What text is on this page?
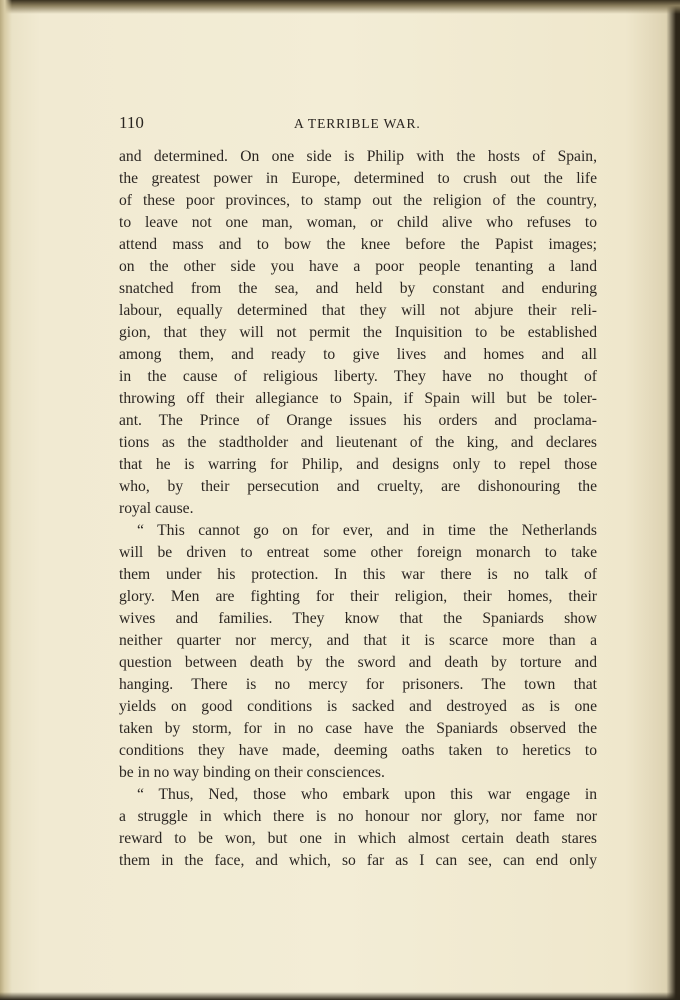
110	A TERRIBLE WAR.
and determined. On one side is Philip with the hosts of Spain,
the greatest power in Europe, determined to crush out the life
of these poor provinces, to stamp out the religion of the country,
to leave not one man, woman, or child alive who refuses to
attend mass and to bow the knee before the Papist images;
on the other side you have a poor people tenanting a land
snatched from the sea, and held by constant and enduring
labour, equally determined that they will not abjure their reli-
gion, that they will not permit the Inquisition to be established
among them, and ready to give lives and homes and all
in the cause of religious liberty. They have no thought of
throwing off their allegiance to Spain, if Spain will but be toler-
ant. The Prince of Orange issues his orders and proclama-
tions as the stadtholder and lieutenant of the king, and declares
that he is warring for Philip, and designs only to repel those
who, by their persecution and cruelty, are dishonouring the
royal cause.
“ This cannot go on for ever, and in time the Netherlands
will be driven to entreat some other foreign monarch to take
them under his protection. In this war there is no talk of
glory. Men are fighting for their religion, their homes, their
wives and families. They know that the Spaniards show
neither quarter nor mercy, and that it is scarce more than a
question between death by the sword and death by torture and
hanging. There is no mercy for prisoners. The town that
yields on good conditions is sacked and destroyed as is one
taken by storm, for in no case have the Spaniards observed the
conditions they have made, deeming oaths taken to heretics to
be in no way binding on their consciences.
“ Thus, Ned, those who embark upon this war engage in
a struggle in which there is no honour nor glory, nor fame nor
reward to be won, but one in which almost certain death stares
them in the face, and which, so far as I can see, can end only
